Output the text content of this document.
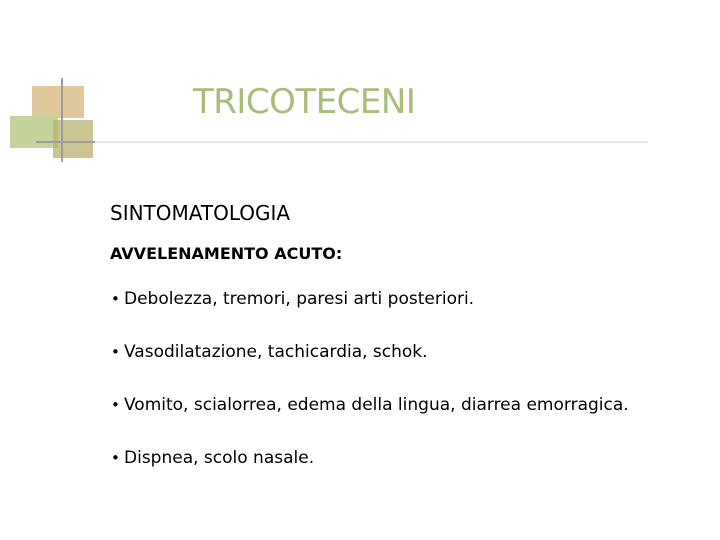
TRICOTECENI
SINTOMATOLOGIA
AVVELENAMENTO ACUTO:
• Debolezza, tremori, paresi arti posteriori.
• Vasodilatazione, tachicardia, schok.
• Vomito, scialorrea, edema della lingua, diarrea emorragica.
• Dispnea, scolo nasale.
